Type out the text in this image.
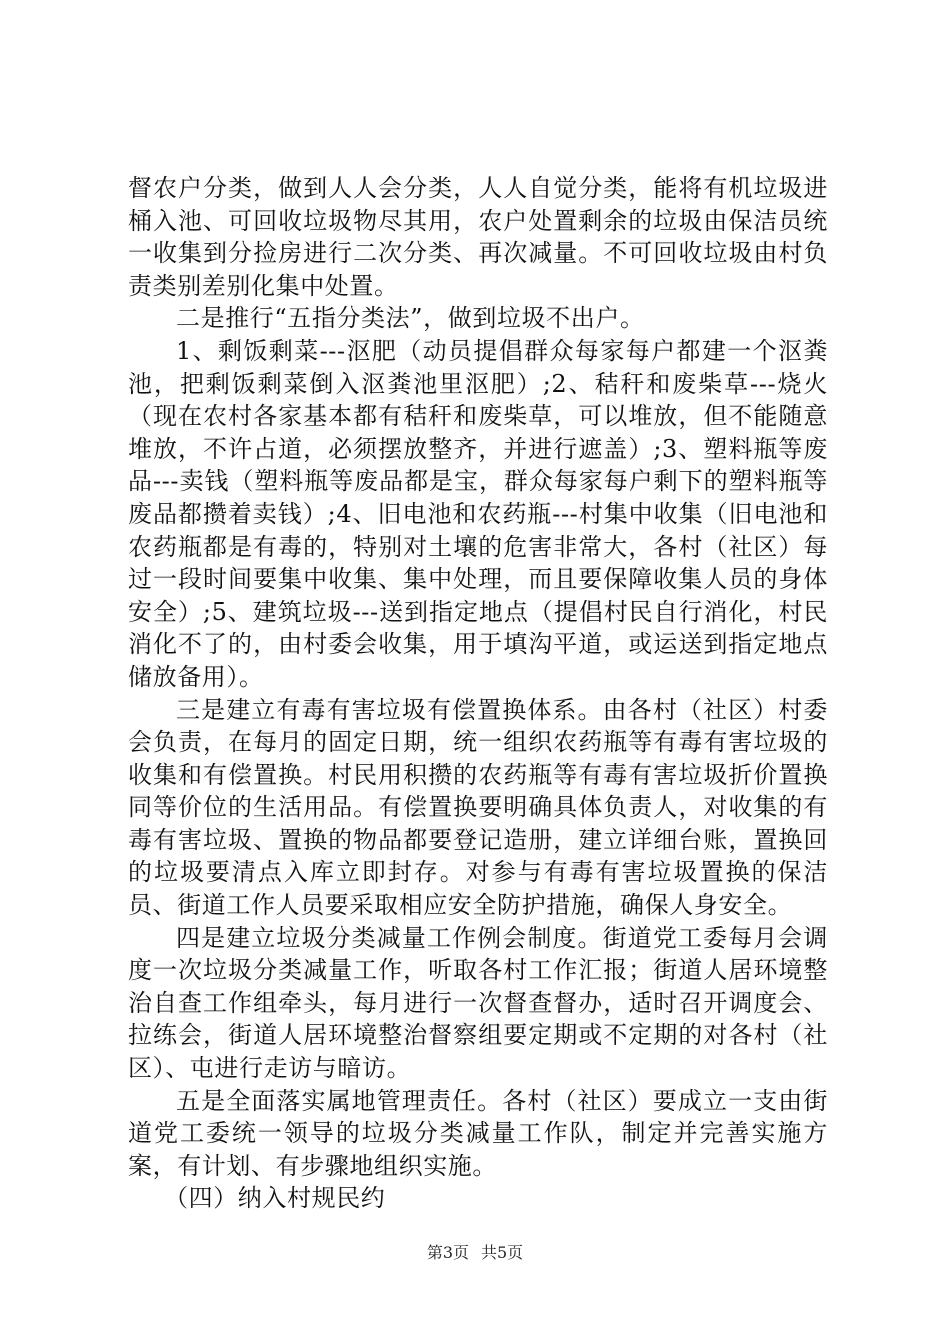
督农户分类，做到人人会分类，人人自觉分类，能将有机垃圾进桶入池、可回收垃圾物尽其用，农户处置剩余的垃圾由保洁员统一收集到分捡房进行二次分类、再次减量。不可回收垃圾由村负责类别差别化集中处置。

二是推行“五指分类法”，做到垃圾不出户。

1、剩饭剩菜---沤肥（动员提倡群众每家每户都建一个沤粪池，把剩饭剩菜倒入沤粪池里沤肥）;2、秸秆和废柴草---烧火（现在农村各家基本都有秸秆和废柴草，可以堆放，但不能随意堆放，不许占道，必须摆放整齐，并进行遮盖）;3、塑料瓶等废品---卖钱（塑料瓶等废品都是宝，群众每家每户剩下的塑料瓶等废品都攒着卖钱）;4、旧电池和农药瓶---村集中收集（旧电池和农药瓶都是有毒的，特别对土壤的危害非常大，各村（社区）每过一段时间要集中收集、集中处理，而且要保障收集人员的身体安全）;5、建筑垃圾---送到指定地点（提倡村民自行消化，村民消化不了的，由村委会收集，用于填沟平道，或运送到指定地点储放备用）。

三是建立有毒有害垃圾有偿置换体系。由各村（社区）村委会负责，在每月的固定日期，统一组织农药瓶等有毒有害垃圾的收集和有偿置换。村民用积攒的农药瓶等有毒有害垃圾折价置换同等价位的生活用品。有偿置换要明确具体负责人，对收集的有毒有害垃圾、置换的物品都要登记造册，建立详细台账，置换回的垃圾要清点入库立即封存。对参与有毒有害垃圾置换的保洁员、街道工作人员要采取相应安全防护措施，确保人身安全。

四是建立垃圾分类减量工作例会制度。街道党工委每月会调度一次垃圾分类减量工作，听取各村工作汇报；街道人居环境整治自查工作组牵头，每月进行一次督查督办，适时召开调度会、拉练会，街道人居环境整治督察组要定期或不定期的对各村（社区）、屯进行走访与暗访。

五是全面落实属地管理责任。各村（社区）要成立一支由街道党工委统一领导的垃圾分类减量工作队，制定并完善实施方案，有计划、有步骤地组织实施。

（四）纳入村规民约

第3页 共5页
